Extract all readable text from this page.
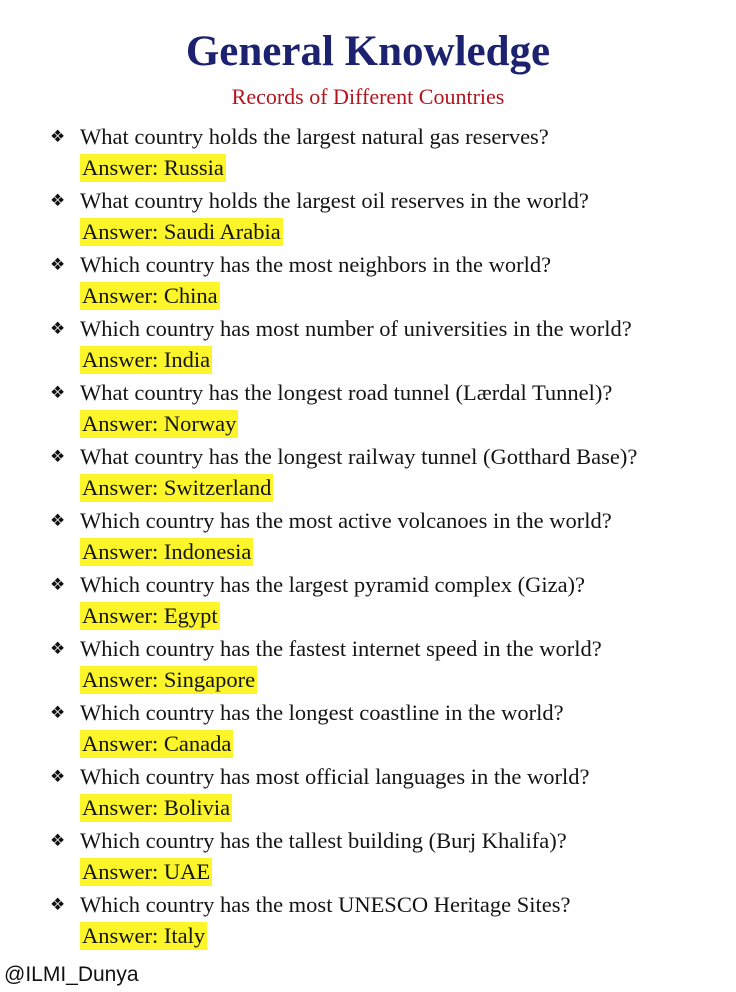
General Knowledge
Records of Different Countries
❖ What country holds the largest natural gas reserves?
Answer: Russia
❖ What country holds the largest oil reserves in the world?
Answer: Saudi Arabia
❖ Which country has the most neighbors in the world?
Answer: China
❖ Which country has most number of universities in the world?
Answer: India
❖ What country has the longest road tunnel (Lærdal Tunnel)?
Answer: Norway
❖ What country has the longest railway tunnel (Gotthard Base)?
Answer: Switzerland
❖ Which country has the most active volcanoes in the world?
Answer: Indonesia
❖ Which country has the largest pyramid complex (Giza)?
Answer: Egypt
❖ Which country has the fastest internet speed in the world?
Answer: Singapore
❖ Which country has the longest coastline in the world?
Answer: Canada
❖ Which country has most official languages in the world?
Answer: Bolivia
❖ Which country has the tallest building (Burj Khalifa)?
Answer: UAE
❖ Which country has the most UNESCO Heritage Sites?
Answer: Italy
@ILMI_Dunya
